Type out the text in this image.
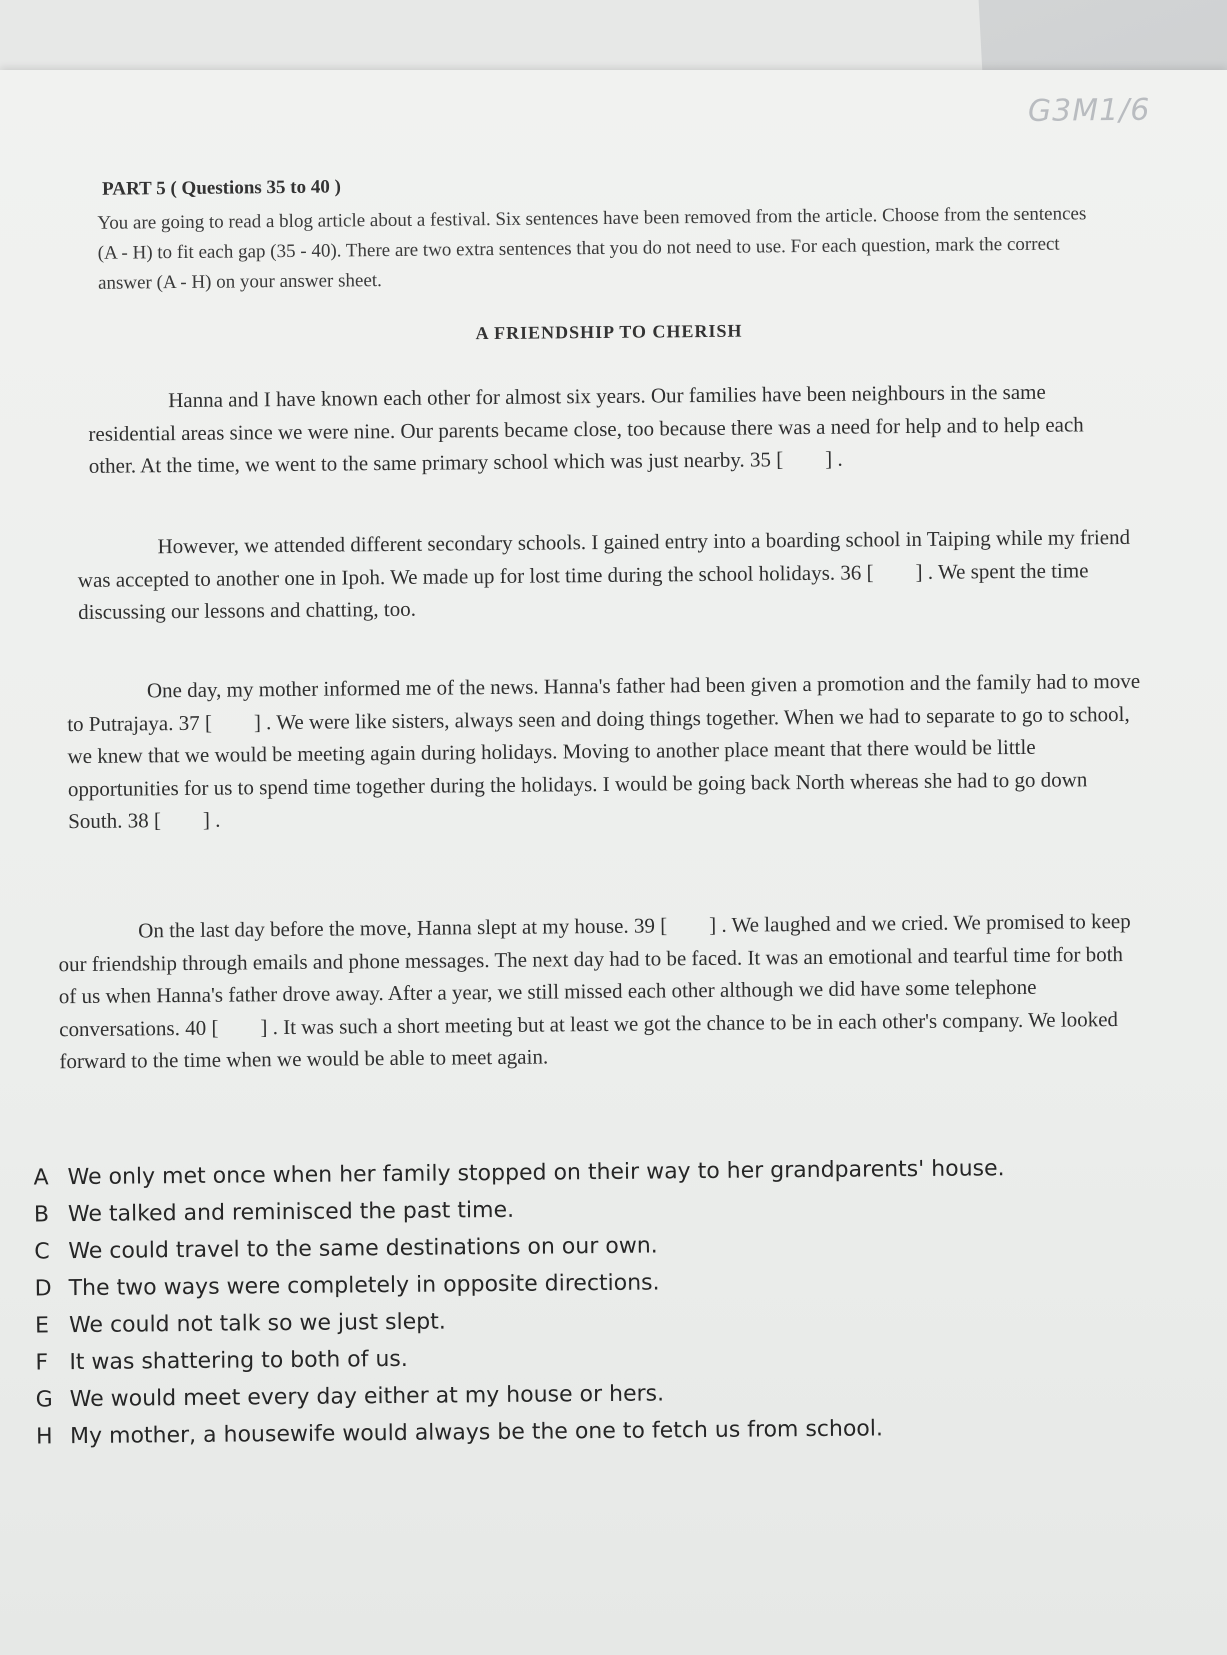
G3M1/6
PART 5 ( Questions 35 to 40 )

You are going to read a blog article about a festival. Six sentences have been removed from the article. Choose from the sentences (A - H) to fit each gap (35 - 40). There are two extra sentences that you do not need to use. For each question, mark the correct answer (A - H) on your answer sheet.

A FRIENDSHIP TO CHERISH

Hanna and I have known each other for almost six years. Our families have been neighbours in the same residential areas since we were nine. Our parents became close, too because there was a need for help and to help each other. At the time, we went to the same primary school which was just nearby. 35 [        ] .

However, we attended different secondary schools. I gained entry into a boarding school in Taiping while my friend was accepted to another one in Ipoh. We made up for lost time during the school holidays. 36 [        ] . We spent the time discussing our lessons and chatting, too.

One day, my mother informed me of the news. Hanna's father had been given a promotion and the family had to move to Putrajaya. 37 [        ] . We were like sisters, always seen and doing things together. When we had to separate to go to school, we knew that we would be meeting again during holidays. Moving to another place meant that there would be little opportunities for us to spend time together during the holidays. I would be going back North whereas she had to go down South. 38 [        ] .

On the last day before the move, Hanna slept at my house. 39 [        ] . We laughed and we cried. We promised to keep our friendship through emails and phone messages. The next day had to be faced. It was an emotional and tearful time for both of us when Hanna's father drove away. After a year, we still missed each other although we did have some telephone conversations. 40 [        ] . It was such a short meeting but at least we got the chance to be in each other's company. We looked forward to the time when we would be able to meet again.

A We only met once when her family stopped on their way to her grandparents' house.
B We talked and reminisced the past time.
C We could travel to the same destinations on our own.
D The two ways were completely in opposite directions.
E We could not talk so we just slept.
F It was shattering to both of us.
G We would meet every day either at my house or hers.
H My mother, a housewife would always be the one to fetch us from school.
